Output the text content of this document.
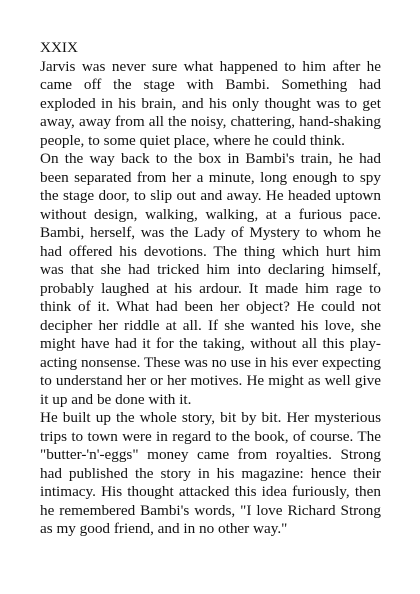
XXIX

Jarvis was never sure what happened to him after he came off the stage with Bambi. Something had exploded in his brain, and his only thought was to get away, away from all the noisy, chattering, hand-shaking people, to some quiet place, where he could think.

On the way back to the box in Bambi's train, he had been separated from her a minute, long enough to spy the stage door, to slip out and away. He headed uptown without design, walking, walking, at a furious pace. Bambi, herself, was the Lady of Mystery to whom he had offered his devotions. The thing which hurt him was that she had tricked him into declaring himself, probably laughed at his ardour. It made him rage to think of it. What had been her object? He could not decipher her riddle at all. If she wanted his love, she might have had it for the taking, without all this play-acting nonsense. These was no use in his ever expecting to understand her or her motives. He might as well give it up and be done with it.

He built up the whole story, bit by bit. Her mysterious trips to town were in regard to the book, of course. The "butter-'n'-eggs" money came from royalties. Strong had published the story in his magazine: hence their intimacy. His thought attacked this idea furiously, then he remembered Bambi's words, "I love Richard Strong as my good friend, and in no other way."
